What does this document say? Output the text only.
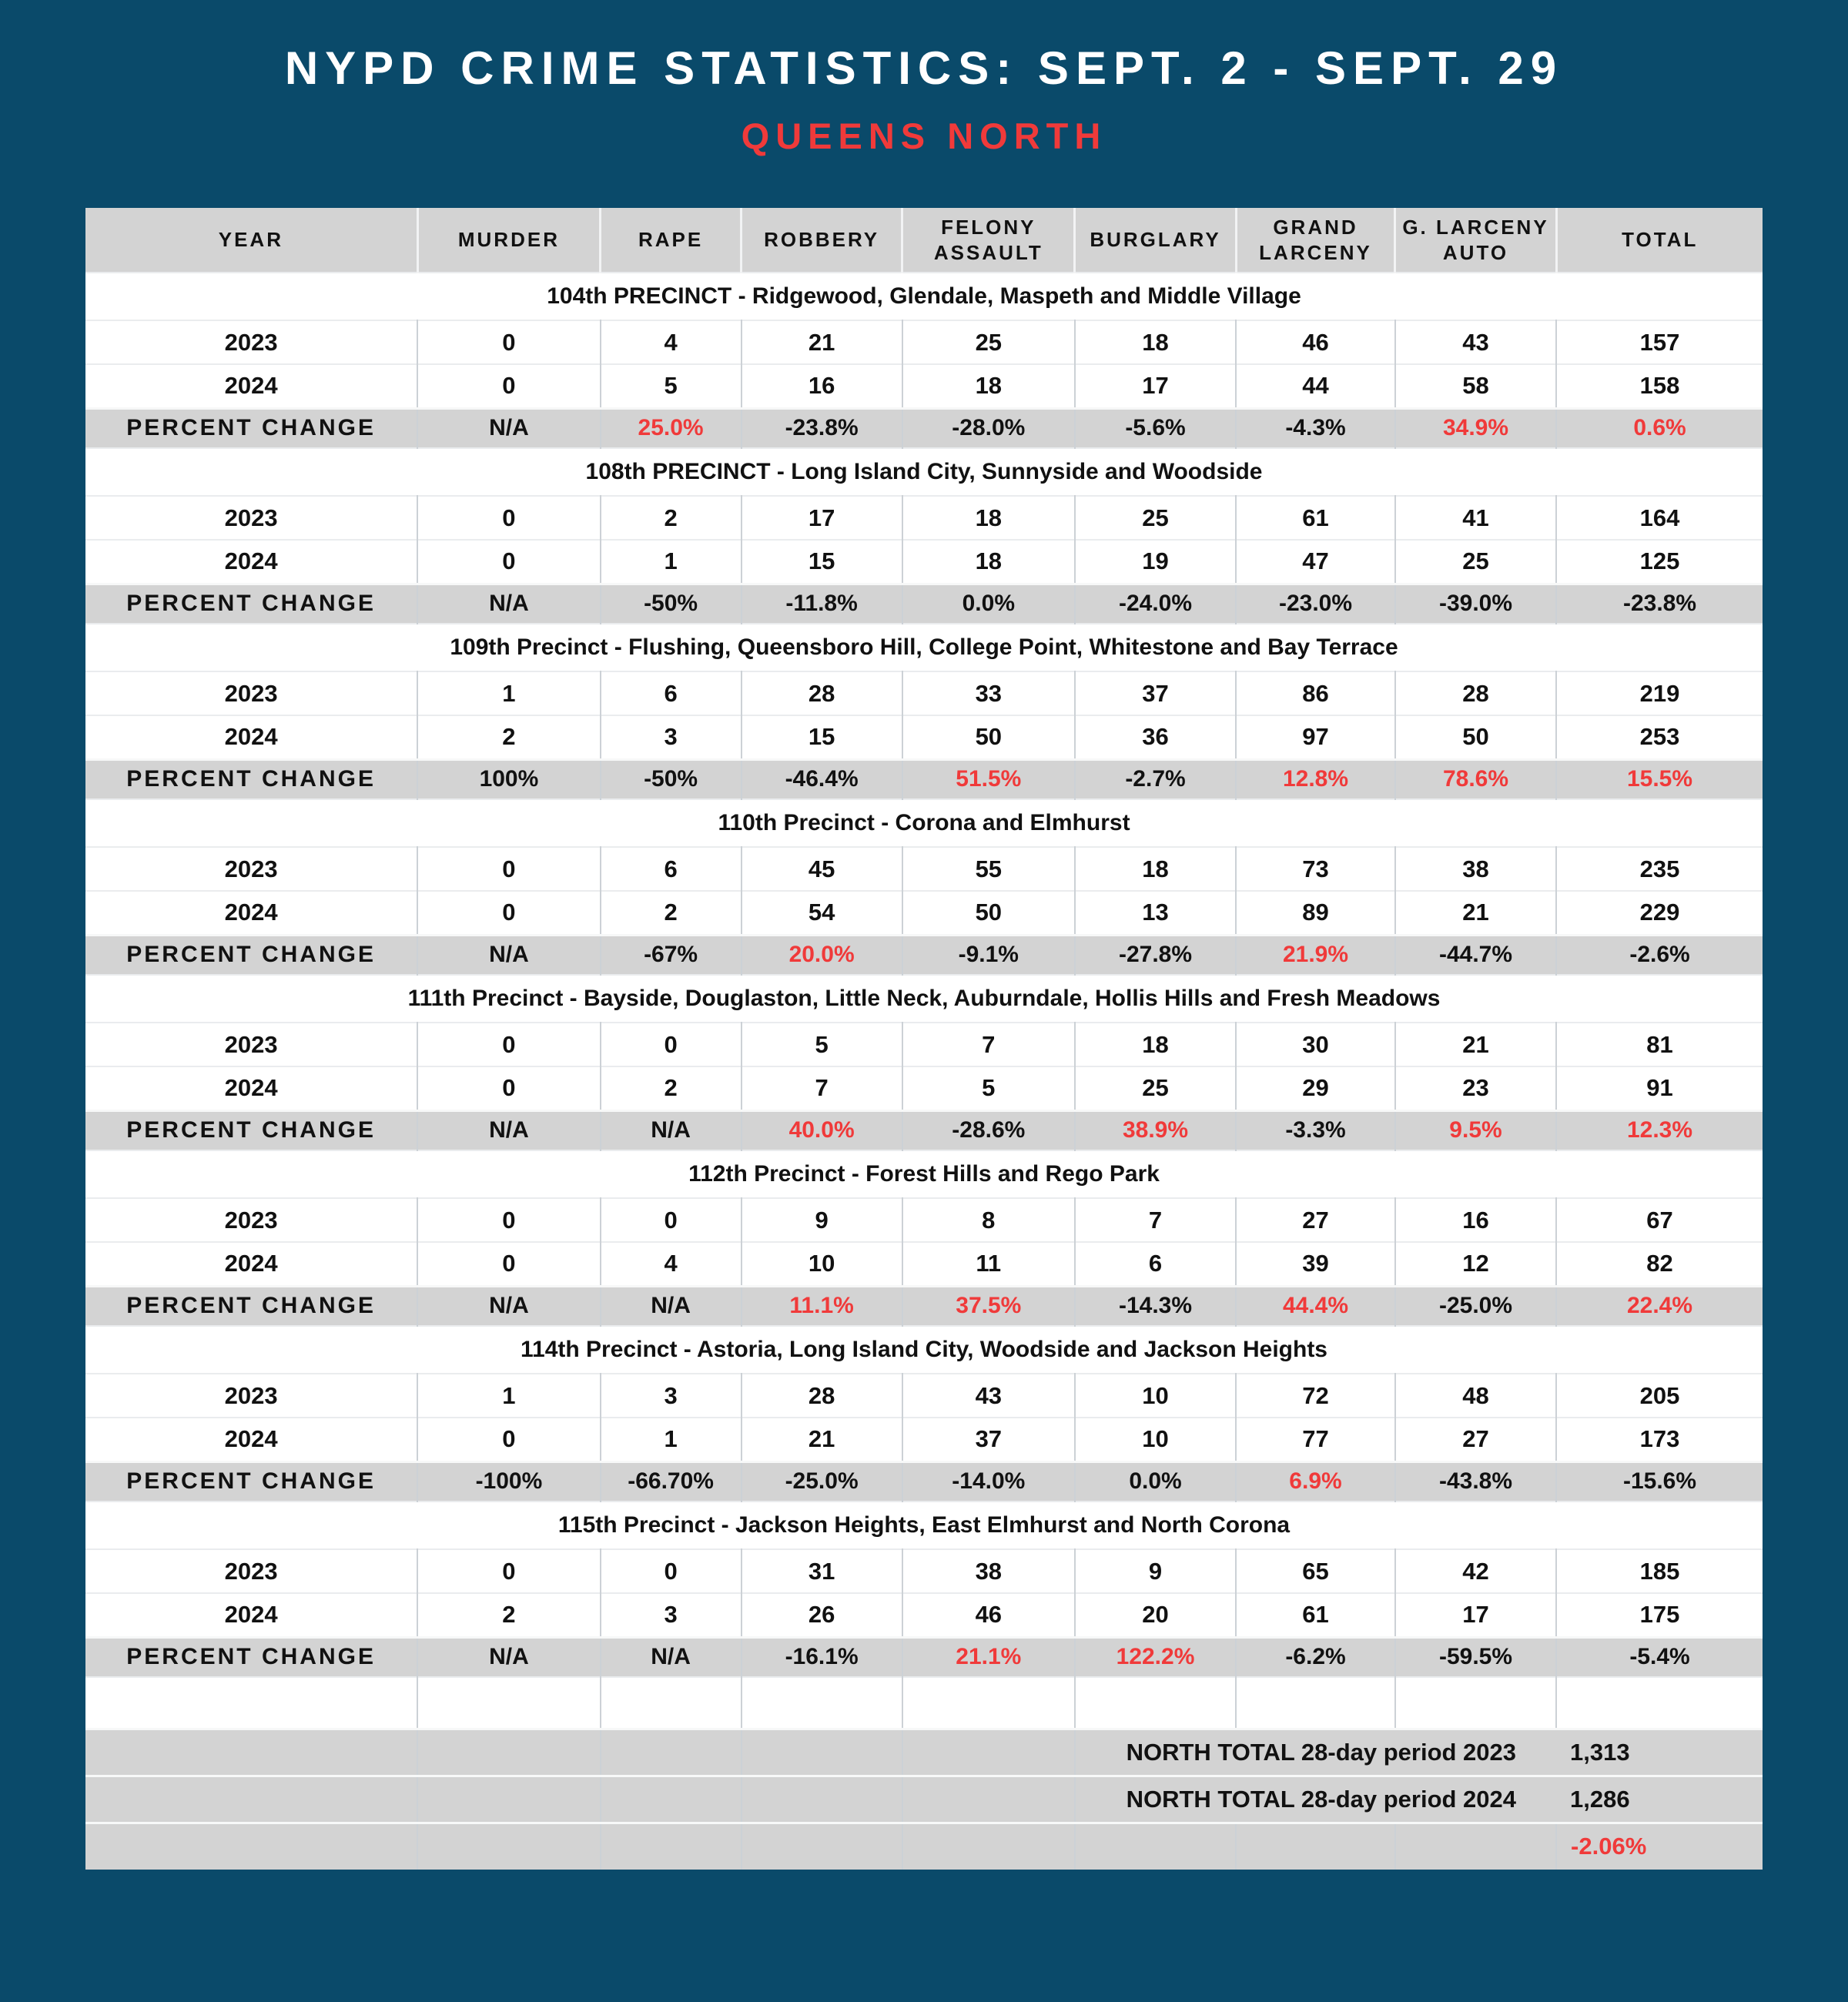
NYPD CRIME STATISTICS: SEPT. 2 - SEPT. 29
QUEENS NORTH
YEAR	MURDER	RAPE	ROBBERY	FELONY ASSAULT	BURGLARY	GRAND LARCENY	G. LARCENY AUTO	TOTAL
104th PRECINCT - Ridgewood, Glendale, Maspeth and Middle Village								
2023	0	4	21	25	18	46	43	157
2024	0	5	16	18	17	44	58	158
PERCENT CHANGE	N/A	25.0%	-23.8%	-28.0%	-5.6%	-4.3%	34.9%	0.6%
108th PRECINCT - Long Island City, Sunnyside and Woodside								
2023	0	2	17	18	25	61	41	164
2024	0	1	15	18	19	47	25	125
PERCENT CHANGE	N/A	-50%	-11.8%	0.0%	-24.0%	-23.0%	-39.0%	-23.8%
109th Precinct - Flushing, Queensboro Hill, College Point, Whitestone and Bay Terrace								
2023	1	6	28	33	37	86	28	219
2024	2	3	15	50	36	97	50	253
PERCENT CHANGE	100%	-50%	-46.4%	51.5%	-2.7%	12.8%	78.6%	15.5%
110th Precinct - Corona and Elmhurst								
2023	0	6	45	55	18	73	38	235
2024	0	2	54	50	13	89	21	229
PERCENT CHANGE	N/A	-67%	20.0%	-9.1%	-27.8%	21.9%	-44.7%	-2.6%
111th Precinct - Bayside, Douglaston, Little Neck, Auburndale, Hollis Hills and Fresh Meadows								
2023	0	0	5	7	18	30	21	81
2024	0	2	7	5	25	29	23	91
PERCENT CHANGE	N/A	N/A	40.0%	-28.6%	38.9%	-3.3%	9.5%	12.3%
112th Precinct - Forest Hills and Rego Park								
2023	0	0	9	8	7	27	16	67
2024	0	4	10	11	6	39	12	82
PERCENT CHANGE	N/A	N/A	11.1%	37.5%	-14.3%	44.4%	-25.0%	22.4%
114th Precinct - Astoria, Long Island City, Woodside and Jackson Heights								
2023	1	3	28	43	10	72	48	205
2024	0	1	21	37	10	77	27	173
PERCENT CHANGE	-100%	-66.70%	-25.0%	-14.0%	0.0%	6.9%	-43.8%	-15.6%
115th Precinct - Jackson Heights, East Elmhurst and North Corona								
2023	0	0	31	38	9	65	42	185
2024	2	3	26	46	20	61	17	175
PERCENT CHANGE	N/A	N/A	-16.1%	21.1%	122.2%	-6.2%	-59.5%	-5.4%

					NORTH TOTAL 28-day period 2023			1,313
					NORTH TOTAL 28-day period 2024			1,286
								-2.06%
